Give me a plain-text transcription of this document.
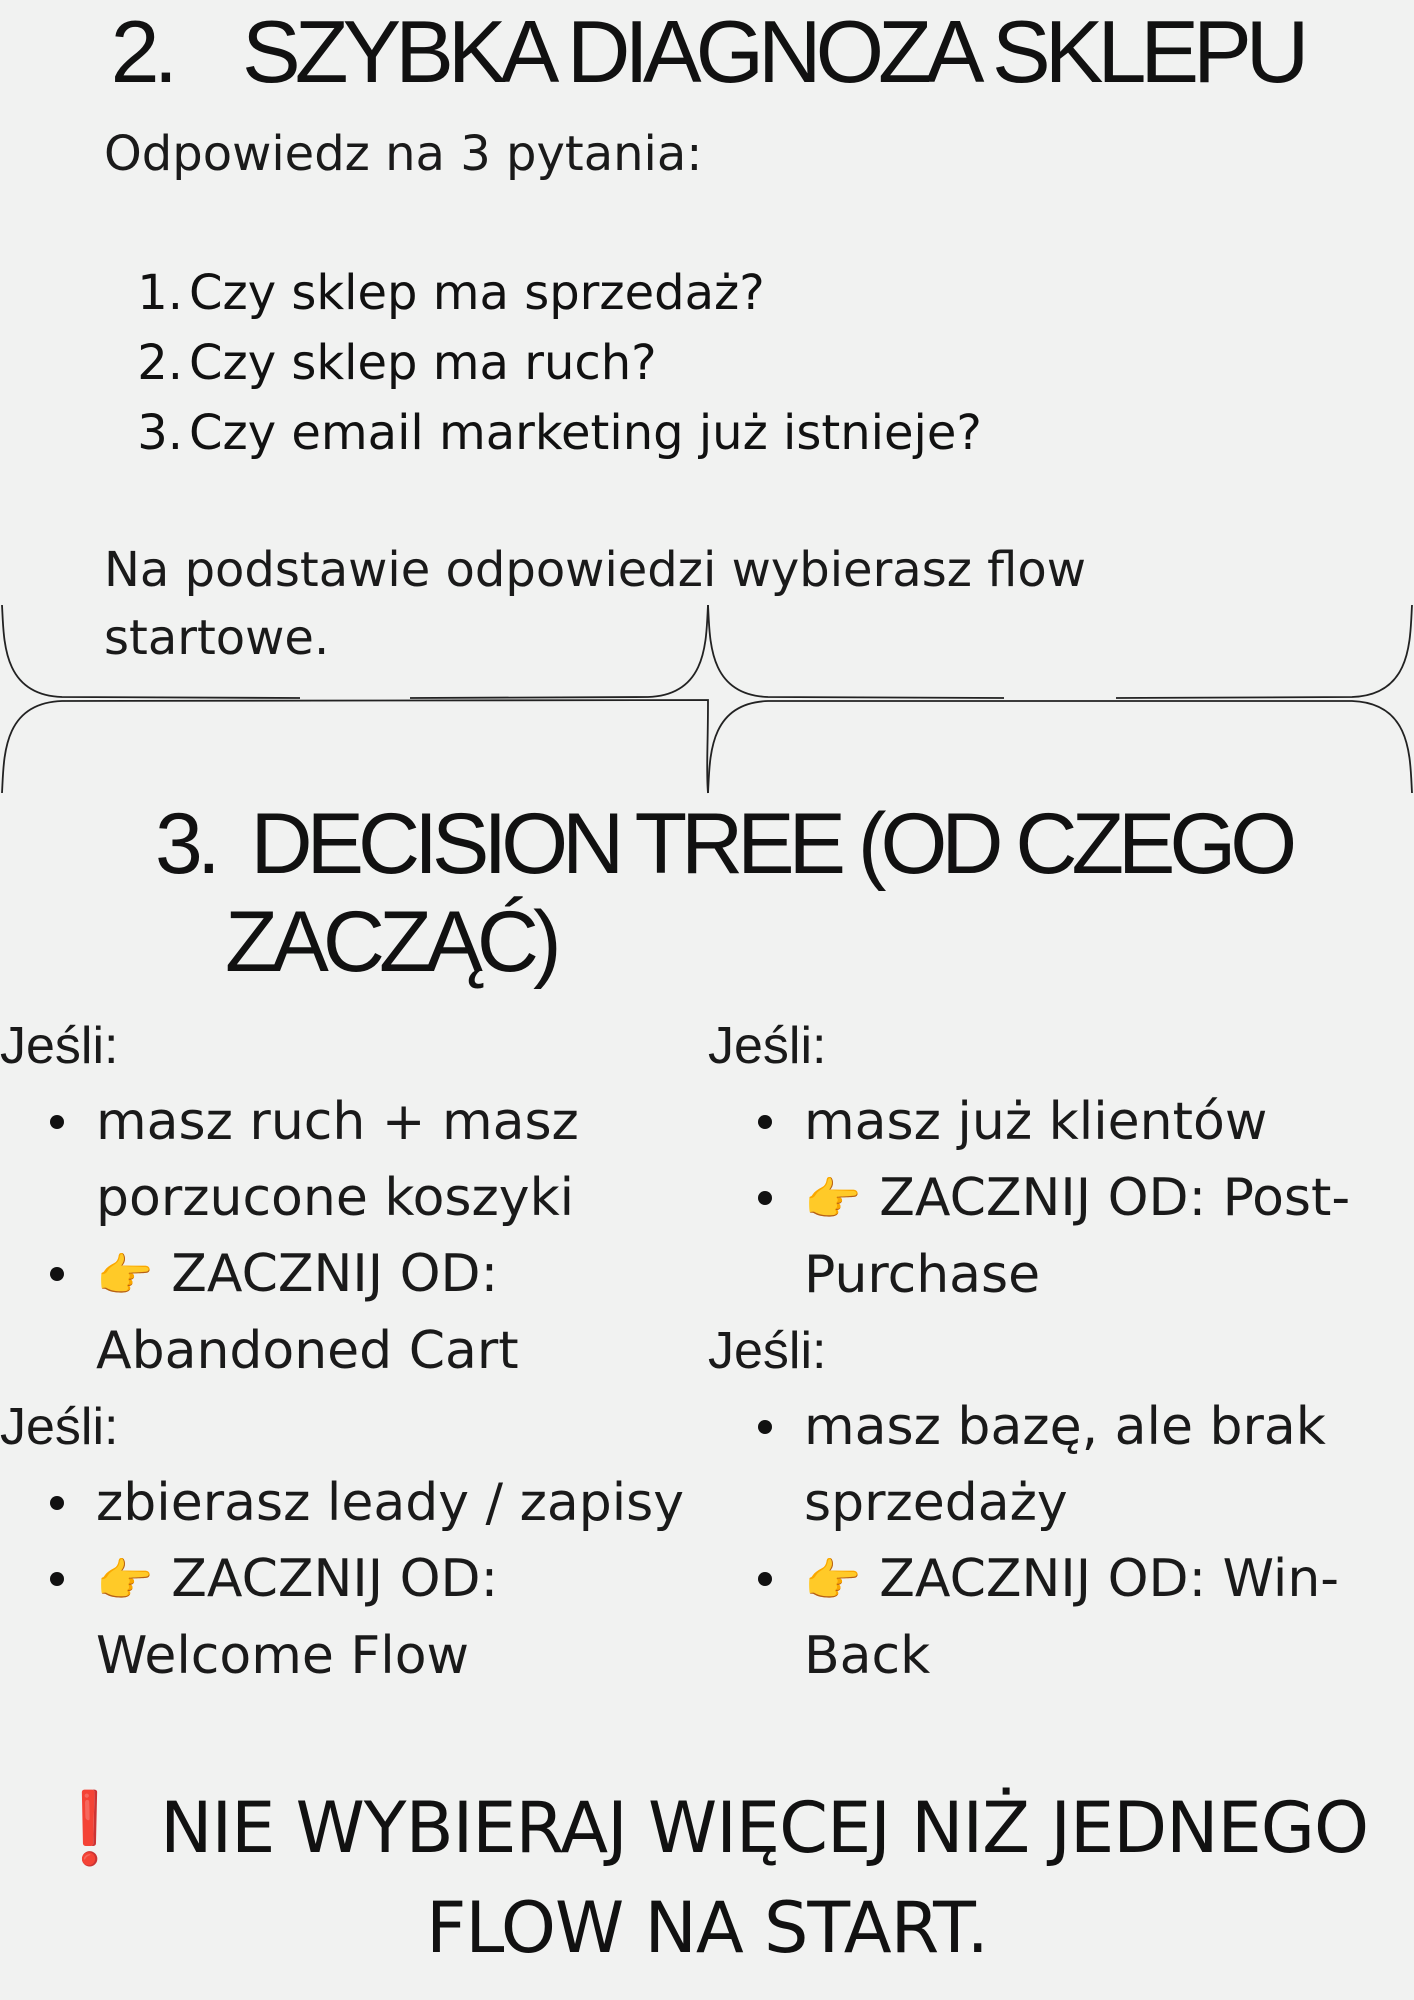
2. SZYBKA DIAGNOZA SKLEPU
Odpowiedz na 3 pytania:
1. Czy sklep ma sprzedaż?
2. Czy sklep ma ruch?
3. Czy email marketing już istnieje?
Na podstawie odpowiedzi wybierasz flow
startowe.
3. DECISION TREE (OD CZEGO
ZACZĄĆ)
Jeśli:
masz ruch + masz
porzucone koszyki
👉 ZACZNIJ OD:
Abandoned Cart
Jeśli:
zbierasz leady / zapisy
👉 ZACZNIJ OD:
Welcome Flow
Jeśli:
masz już klientów
👉 ZACZNIJ OD: Post-
Purchase
Jeśli:
masz bazę, ale brak
sprzedaży
👉 ZACZNIJ OD: Win-
Back
❗ NIE WYBIERAJ WIĘCEJ NIŻ JEDNEGO
FLOW NA START.
